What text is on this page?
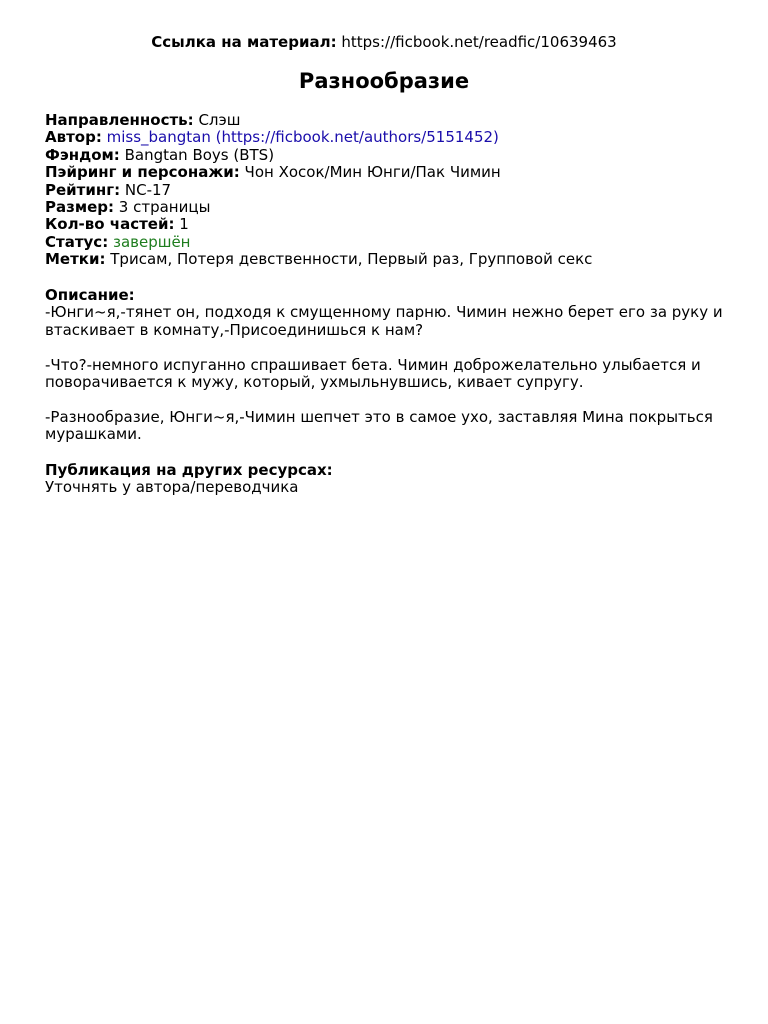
Ссылка на материал: https://ficbook.net/readfic/10639463
Разнообразие
Направленность: Слэш
Автор: miss_bangtan (https://ficbook.net/authors/5151452)
Фэндом: Bangtan Boys (BTS)
Пэйринг и персонажи: Чон Хосок/Мин Юнги/Пак Чимин
Рейтинг: NC-17
Размер: 3 страницы
Кол-во частей: 1
Статус: завершён
Метки: Трисам, Потеря девственности, Первый раз, Групповой секс
Описание:

-Юнги~я,-тянет он, подходя к смущенному парню. Чимин нежно берет его за руку и втаскивает в комнату,-Присоединишься к нам?

-Что?-немного испуганно спрашивает бета. Чимин доброжелательно улыбается и поворачивается к мужу, который, ухмыльнувшись, кивает супругу.

-Разнообразие, Юнги~я,-Чимин шепчет это в самое ухо, заставляя Мина покрыться мурашками.

Публикация на других ресурсах:
Уточнять у автора/переводчика
